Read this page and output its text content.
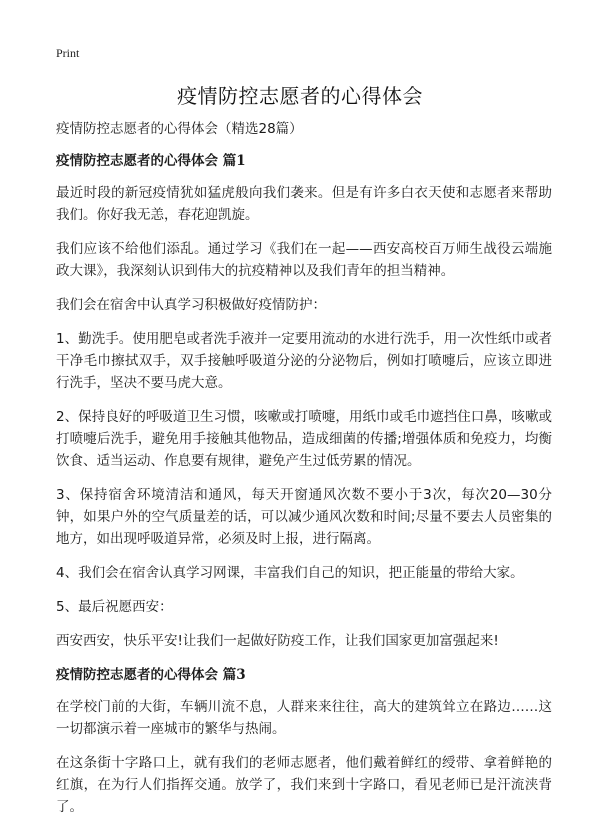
Print
疫情防控志愿者的心得体会

疫情防控志愿者的心得体会（精选28篇）

疫情防控志愿者的心得体会 篇1

最近时段的新冠疫情犹如猛虎般向我们袭来。但是有许多白衣天使和志愿者来帮助我们。你好我无恙，春花迎凯旋。

我们应该不给他们添乱。通过学习《我们在一起——西安高校百万师生战役云端施政大课》，我深刻认识到伟大的抗疫精神以及我们青年的担当精神。

我们会在宿舍中认真学习积极做好疫情防护：

1、勤洗手。使用肥皂或者洗手液并一定要用流动的水进行洗手，用一次性纸巾或者干净毛巾擦拭双手，双手接触呼吸道分泌的分泌物后，例如打喷嚏后，应该立即进行洗手，坚决不要马虎大意。

2、保持良好的呼吸道卫生习惯，咳嗽或打喷嚏，用纸巾或毛巾遮挡住口鼻，咳嗽或打喷嚏后洗手，避免用手接触其他物品，造成细菌的传播;增强体质和免疫力，均衡饮食、适当运动、作息要有规律，避免产生过低劳累的情况。

3、保持宿舍环境清洁和通风，每天开窗通风次数不要小于3次，每次20—30分钟，如果户外的空气质量差的话，可以减少通风次数和时间;尽量不要去人员密集的地方，如出现呼吸道异常，必须及时上报，进行隔离。

4、我们会在宿舍认真学习网课，丰富我们自己的知识，把正能量的带给大家。

5、最后祝愿西安：

西安西安，快乐平安!让我们一起做好防疫工作，让我们国家更加富强起来!

疫情防控志愿者的心得体会 篇3

在学校门前的大街，车辆川流不息，人群来来往往，高大的建筑耸立在路边……这一切都演示着一座城市的繁华与热闹。

在这条街十字路口上，就有我们的老师志愿者，他们戴着鲜红的绶带、拿着鲜艳的红旗，在为行人们指挥交通。放学了，我们来到十字路口，看见老师已是汗流浃背了。
